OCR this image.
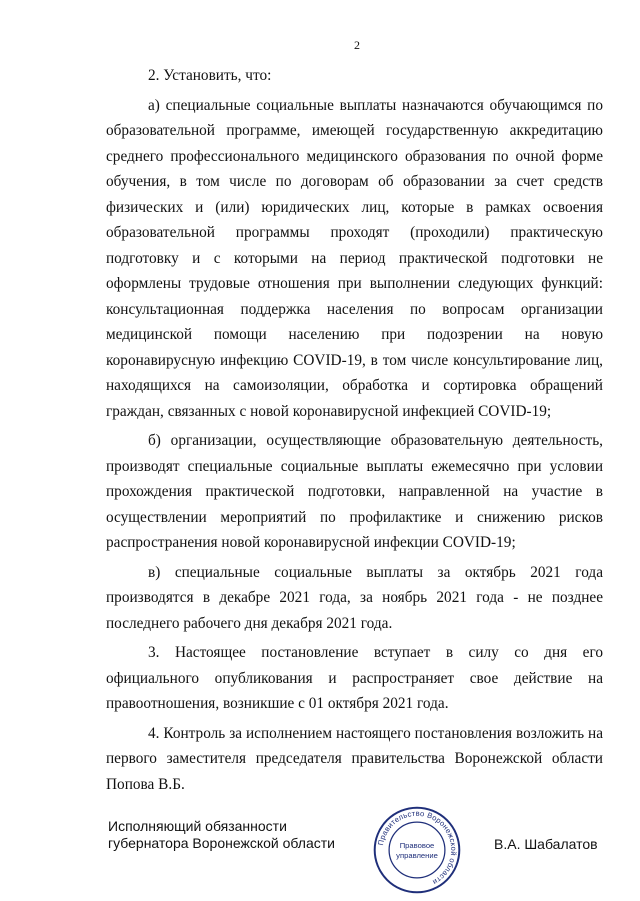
2

2. Установить, что:

а) специальные социальные выплаты назначаются обучающимся по образовательной программе, имеющей государственную аккредитацию среднего профессионального медицинского образования по очной форме обучения, в том числе по договорам об образовании за счет средств физических и (или) юридических лиц, которые в рамках освоения образовательной программы проходят (проходили) практическую подготовку и с которыми на период практической подготовки не оформлены трудовые отношения при выполнении следующих функций: консультационная поддержка населения по вопросам организации медицинской помощи населению при подозрении на новую коронавирусную инфекцию COVID-19, в том числе консультирование лиц, находящихся на самоизоляции, обработка и сортировка обращений граждан, связанных с новой коронавирусной инфекцией COVID-19;

б) организации, осуществляющие образовательную деятельность, производят специальные социальные выплаты ежемесячно при условии прохождения практической подготовки, направленной на участие в осуществлении мероприятий по профилактике и снижению рисков распространения новой коронавирусной инфекции COVID-19;

в) специальные социальные выплаты за октябрь 2021 года производятся в декабре 2021 года, за ноябрь 2021 года - не позднее последнего рабочего дня декабря 2021 года.

3. Настоящее постановление вступает в силу со дня его официального опубликования и распространяет свое действие на правоотношения, возникшие с 01 октября 2021 года.

4. Контроль за исполнением настоящего постановления возложить на первого заместителя председателя правительства Воронежской области Попова В.Б.

Исполняющий обязанности
губернатора Воронежской области	Правительство Воронежской области
Правовое
управление
В.А. Шабалатов
